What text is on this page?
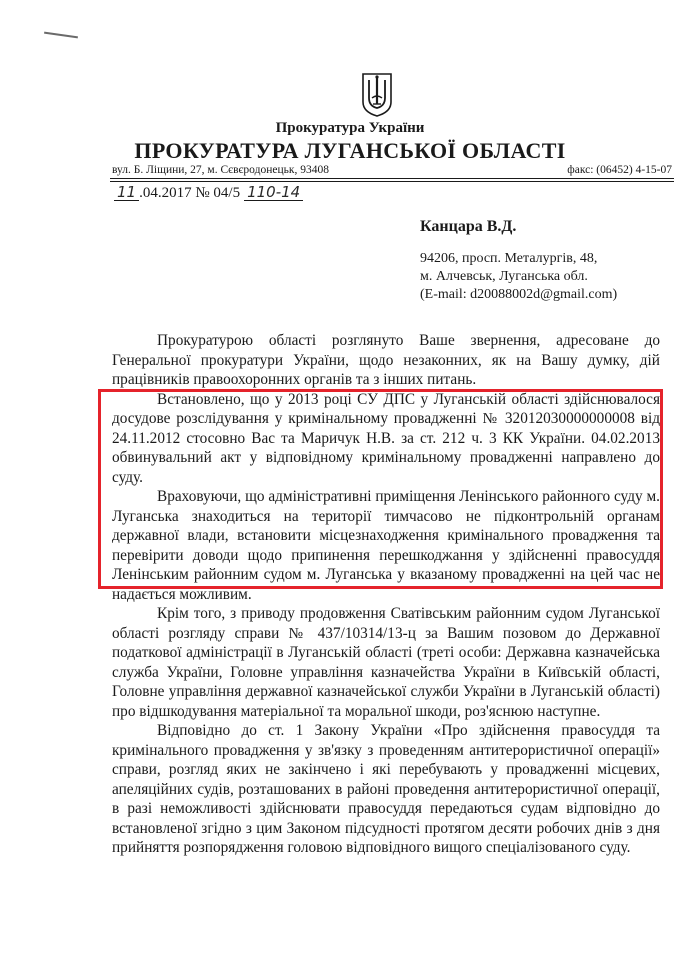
Прокуратура України
ПРОКУРАТУРА ЛУГАНСЬКОЇ ОБЛАСТІ
вул. Б. Ліщини, 27, м. Сєвєродонецьк, 93408	факс: (06452) 4-15-07
11 .04.2017 № 04/5 110-14
Канцара В.Д.
94206, просп. Металургів, 48,
м. Алчевськ, Луганська обл.
(E-mail: d20088002d@gmail.com)

Прокуратурою області розглянуто Ваше звернення, адресоване до Генеральної прокуратури України, щодо незаконних, як на Вашу думку, дій працівників правоохоронних органів та з інших питань.

Встановлено, що у 2013 році СУ ДПС у Луганській області здійснювалося досудове розслідування у кримінальному провадженні № 32012030000000008 від 24.11.2012 стосовно Вас та Маричук Н.В. за ст. 212 ч. 3 КК України. 04.02.2013 обвинувальний акт у відповідному кримінальному провадженні направлено до суду.

Враховуючи, що адміністративні приміщення Ленінського районного суду м. Луганська знаходиться на території тимчасово не підконтрольній органам державної влади, встановити місцезнаходження кримінального провадження та перевірити доводи щодо припинення перешкоджання у здійсненні правосуддя Ленінським районним судом м. Луганська у вказаному провадженні на цей час не надається можливим.

Крім того, з приводу продовження Сватівським районним судом Луганської області розгляду справи № 437/10314/13-ц за Вашим позовом до Державної податкової адміністрації в Луганській області (треті особи: Державна казначейська служба України, Головне управління казначейства України в Київській області, Головне управління державної казначейської служби України в Луганській області) про відшкодування матеріальної та моральної шкоди, роз'яснюю наступне.

Відповідно до ст. 1 Закону України «Про здійснення правосуддя та кримінального провадження у зв'язку з проведенням антитерористичної операції» справи, розгляд яких не закінчено і які перебувають у провадженні місцевих, апеляційних судів, розташованих в районі проведення антитерористичної операції, в разі неможливості здійснювати правосуддя передаються судам відповідно до встановленої згідно з цим Законом підсудності протягом десяти робочих днів з дня прийняття розпорядження головою відповідного вищого спеціалізованого суду.
